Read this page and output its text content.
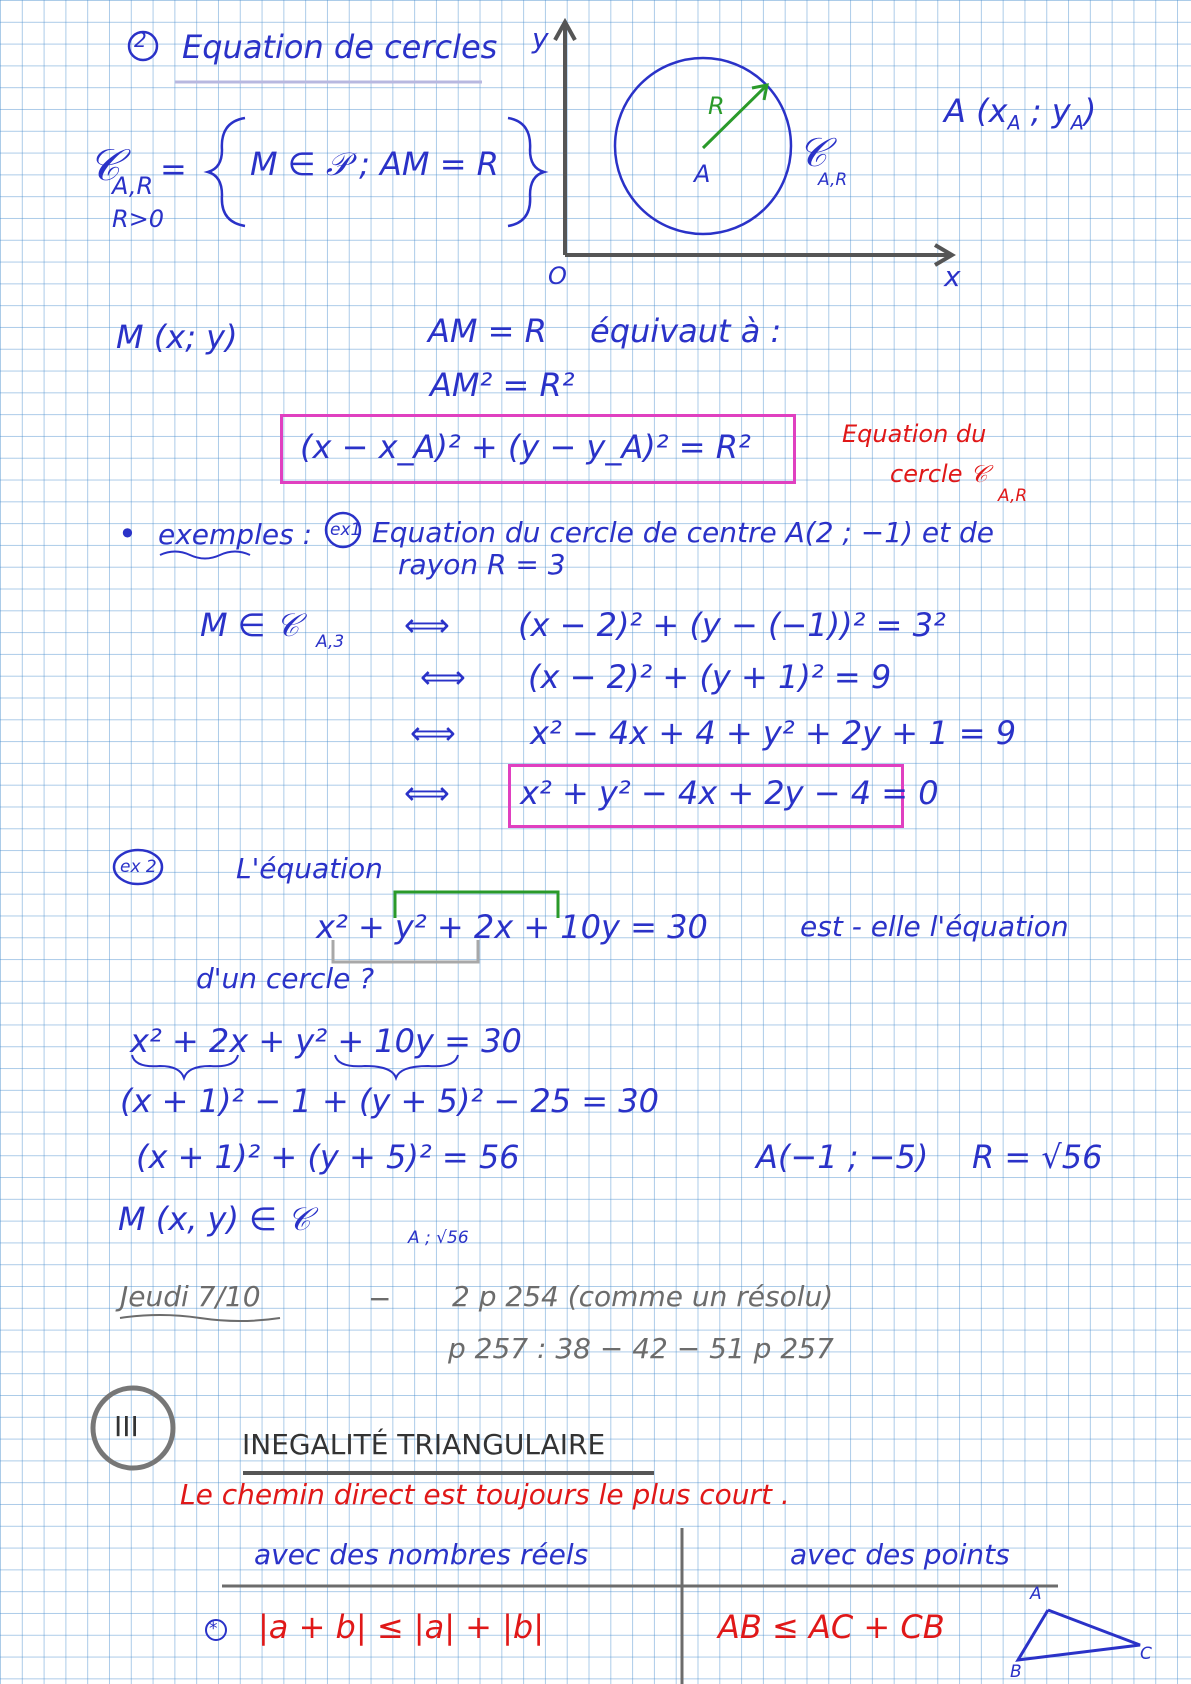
2 Equation de cercles
𝒞
A,R
R>0
= M ∈ 𝒫 ; AM = R
y
x
O
A
R
𝒞
A,R
A ($x_A$ ; $y_A$)
M (x; y)	AM = R équivaut à :
AM² = R²
(x − x_A)² + (y − y_A)² = R²	Equation du
cercle 𝒞
A,R
• exemples : ex1 Equation du cercle de centre A(2 ; −1) et de
rayon R = 3
M ∈ 𝒞 A,3 ⟺ (x − 2)² + (y − (−1))² = 3²
⟺ (x − 2)² + (y + 1)² = 9
⟺ x² − 4x + 4 + y² + 2y + 1 = 9
⟺ x² + y² − 4x + 2y − 4 = 0
ex 2	L'équation
x² + y² + 2x + 10y = 30	est - elle l'équation
d'un cercle ?
x² + 2x + y² + 10y = 30
(x + 1)² − 1 + (y + 5)² − 25 = 30
(x + 1)² + (y + 5)² = 56
M (x, y) ∈ 𝒞	A ; √56
A(−1 ; −5) R = √56
Jeudi 7/10	− 2 p 254 (comme un résolu)
p 257 : 38 − 42 − 51 p 257
III
INEGALITÉ TRIANGULAIRE
Le chemin direct est toujours le plus court .
avec des nombres réels	avec des points
* |a + b| ≤ |a| + |b|	AB ≤ AC + CB
A
B
C
